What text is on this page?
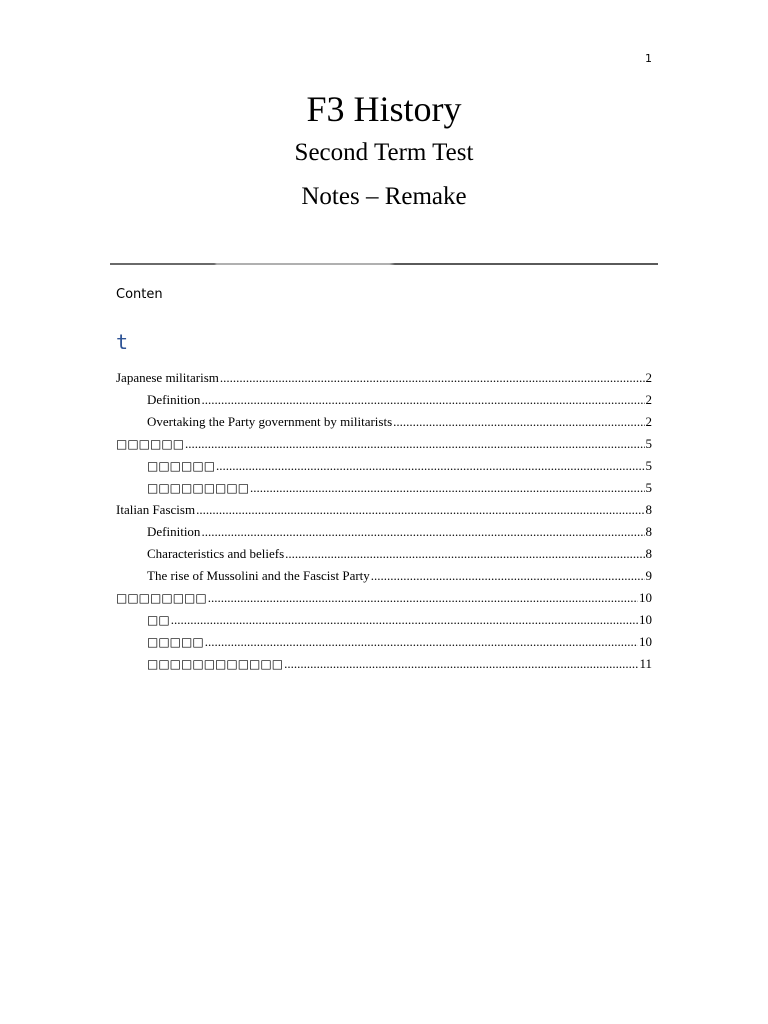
1
F3 History
Second Term Test
Notes – Remake
Conten
t
Japanese militarism .....	2
Definition .....	2
Overtaking the Party government by militarists .....	2
□□□□□□ .....	5
□□□□□□ .....	5
□□□□□□□□□ .....	5
Italian Fascism .....	8
Definition .....	8
Characteristics and beliefs .....	8
The rise of Mussolini and the Fascist Party .....	9
□□□□□□□□ .....	10
□□ .....	10
□□□□□ .....	10
□□□□□□□□□□□□ .....	11
